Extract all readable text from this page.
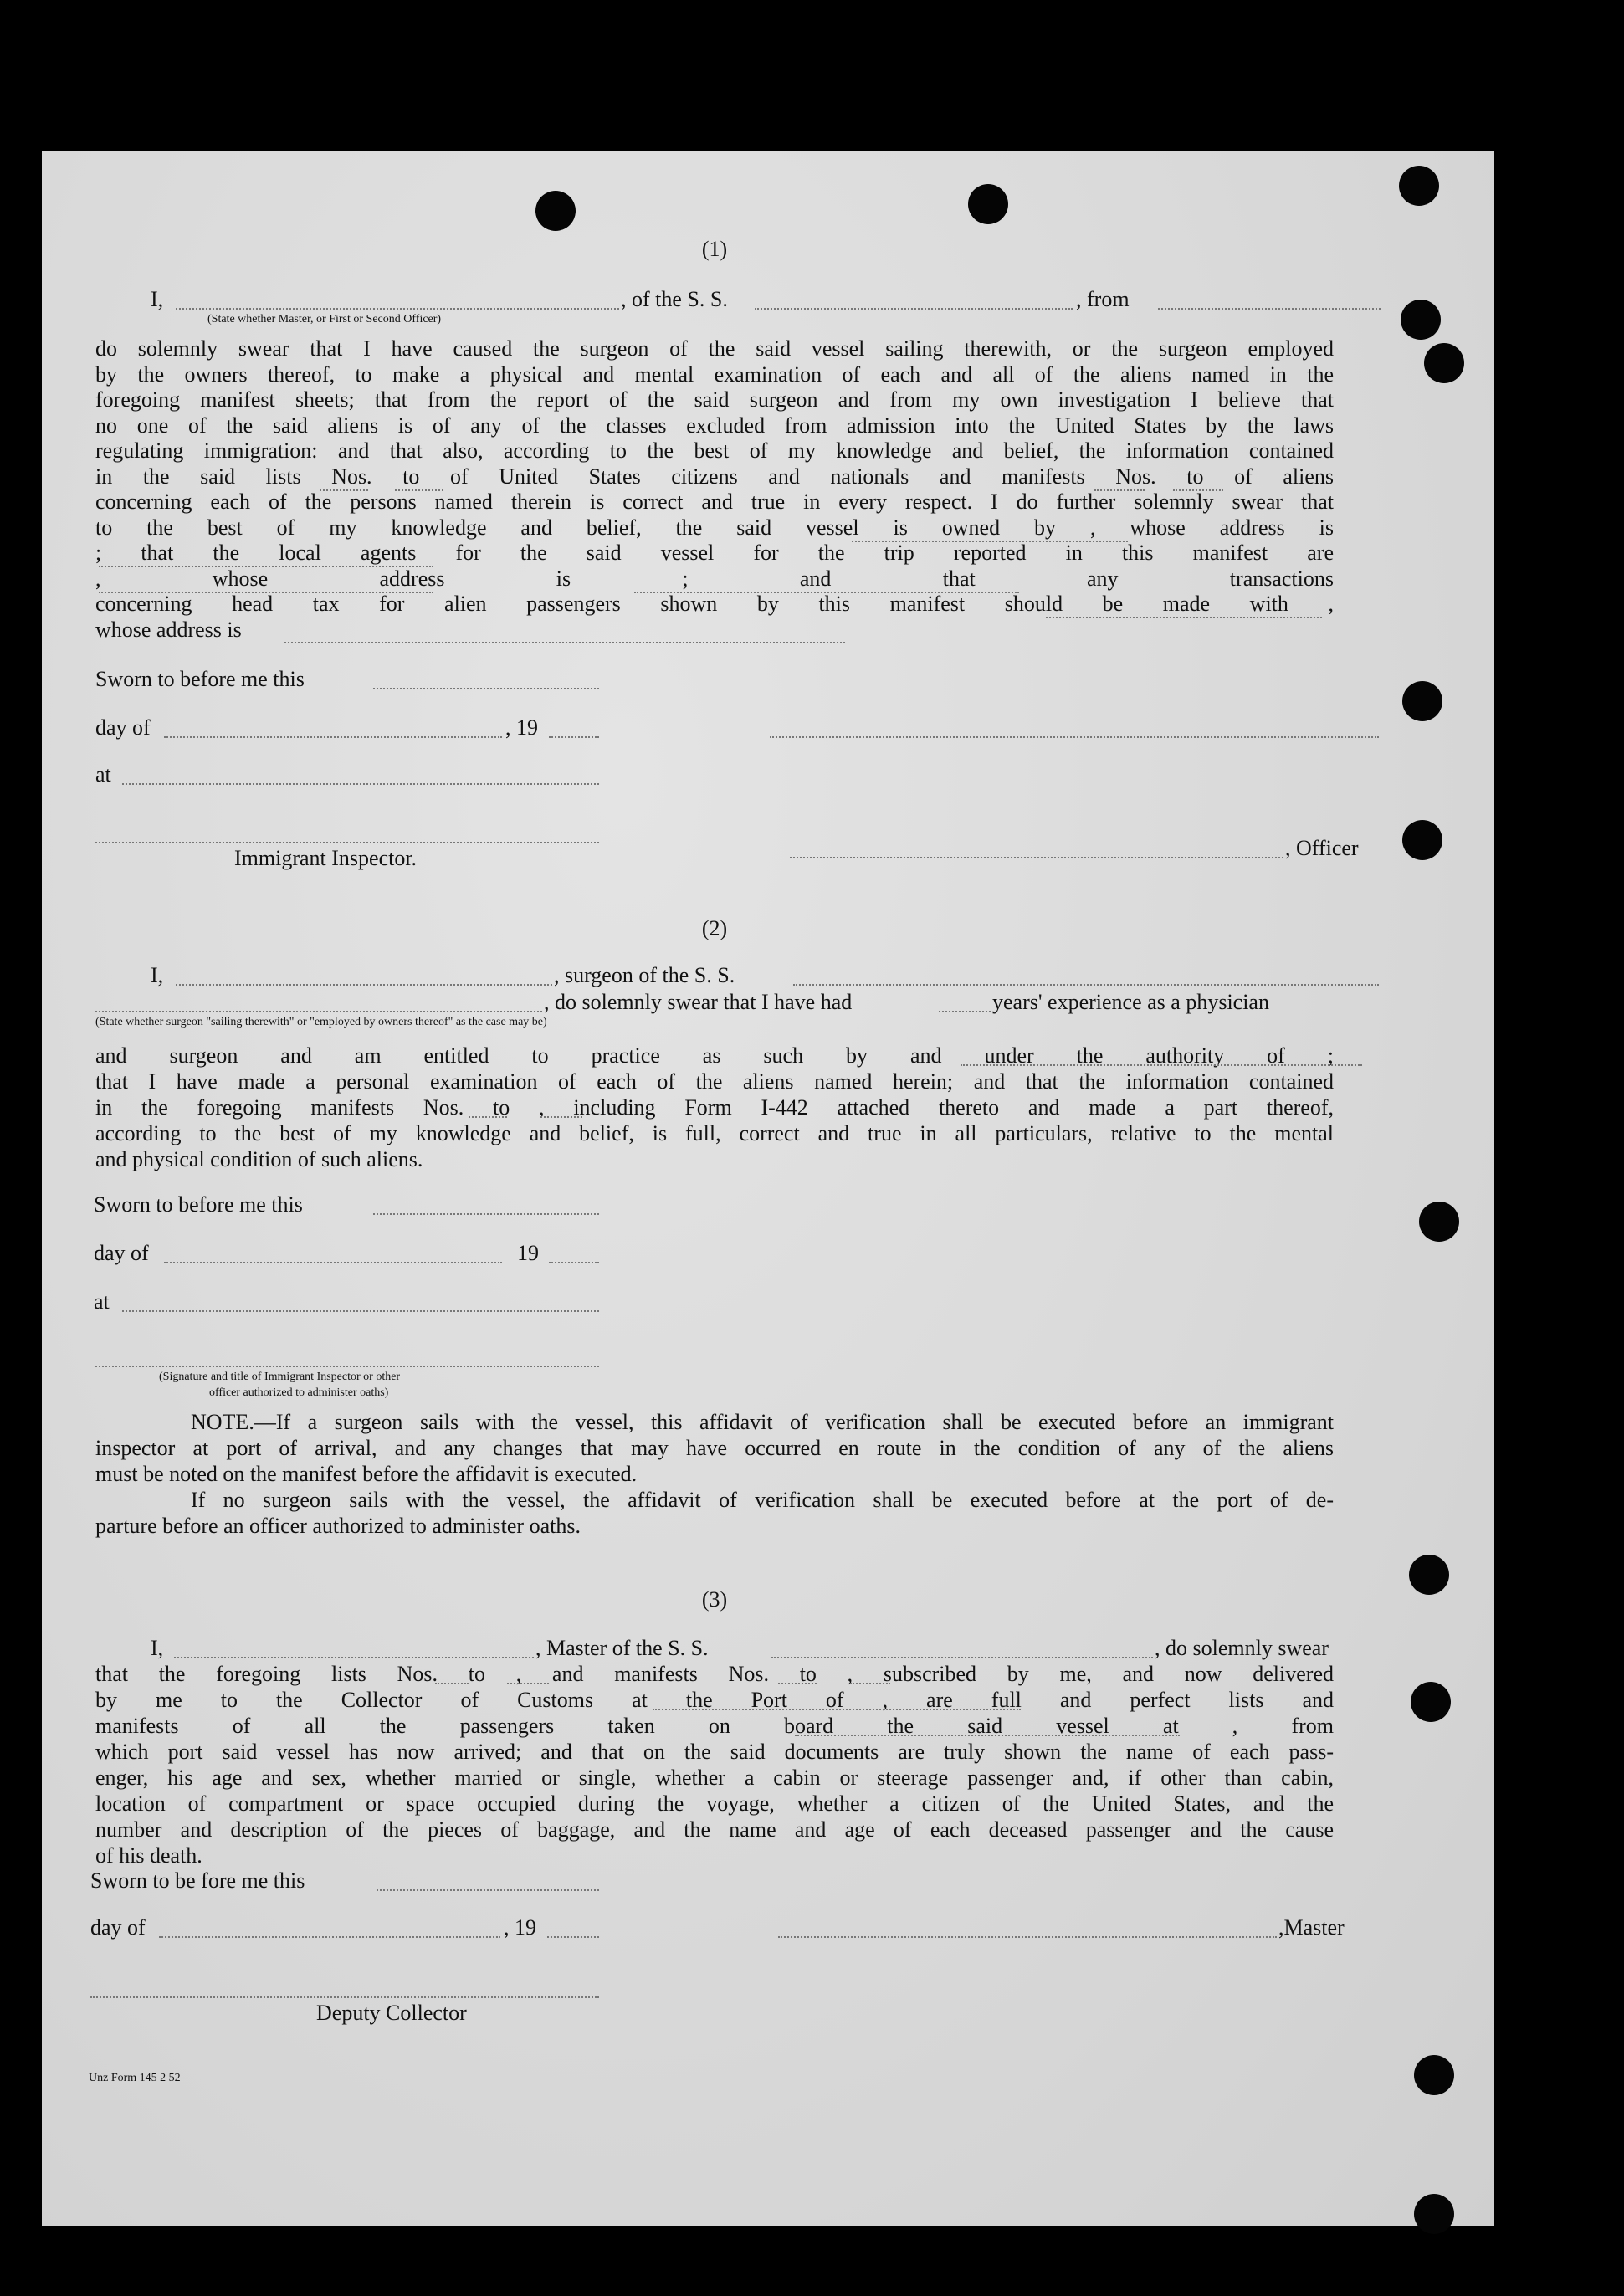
(1)
I,	, of the S. S.	, from
(State whether Master, or First or Second Officer)
do solemnly swear that I have caused the surgeon of the said vessel sailing therewith, or the surgeon employed
by the owners thereof, to make a physical and mental examination of each and all of the aliens named in the
foregoing manifest sheets; that from the report of the said surgeon and from my own investigation I believe that
no one of the said aliens is of any of the classes excluded from admission into the United States by the laws
regulating immigration: and that also, according to the best of my knowledge and belief, the information contained
in the said lists Nos. to of United States citizens and nationals and manifests Nos. to of aliens
concerning each of the persons named therein is correct and true in every respect. I do further solemnly swear that
to the best of my knowledge and belief, the said vessel is owned by , whose address is
; that the local agents for the said vessel for the trip reported in this manifest are
, whose address is ; and that any transactions
concerning head tax for alien passengers shown by this manifest should be made with ,
whose address is
Sworn to before me this
day of	, 19
at
Immigrant Inspector.	, Officer
(2)
I,	, surgeon of the S. S.
, do solemnly swear that I have had	years' experience as a physician
(State whether surgeon "sailing therewith" or "employed by owners thereof" as the case may be)
and surgeon and am entitled to practice as such by and under the authority of ;
that I have made a personal examination of each of the aliens named herein; and that the information contained
in the foregoing manifests Nos. to , including Form I-442 attached thereto and made a part thereof,
according to the best of my knowledge and belief, is full, correct and true in all particulars, relative to the mental
and physical condition of such aliens.
Sworn to before me this
day of	19
at
(Signature and title of Immigrant Inspector or other
officer authorized to administer oaths)
NOTE.—If a surgeon sails with the vessel, this affidavit of verification shall be executed before an immigrant
inspector at port of arrival, and any changes that may have occurred en route in the condition of any of the aliens
must be noted on the manifest before the affidavit is executed.
If no surgeon sails with the vessel, the affidavit of verification shall be executed before at the port of de-
parture before an officer authorized to administer oaths.
(3)
I,	, Master of the S. S.	, do solemnly swear
that the foregoing lists Nos. to , and manifests Nos. to , subscribed by me, and now delivered
by me to the Collector of Customs at the Port of , are full and perfect lists and
manifests of all the passengers taken on board the said vessel at , from
which port said vessel has now arrived; and that on the said documents are truly shown the name of each pass-
enger, his age and sex, whether married or single, whether a cabin or steerage passenger and, if other than cabin,
location of compartment or space occupied during the voyage, whether a citizen of the United States, and the
number and description of the pieces of baggage, and the name and age of each deceased passenger and the cause
of his death.
Sworn to be fore me this
day of	, 19	,Master
Deputy Collector
Unz Form 145 2 52
